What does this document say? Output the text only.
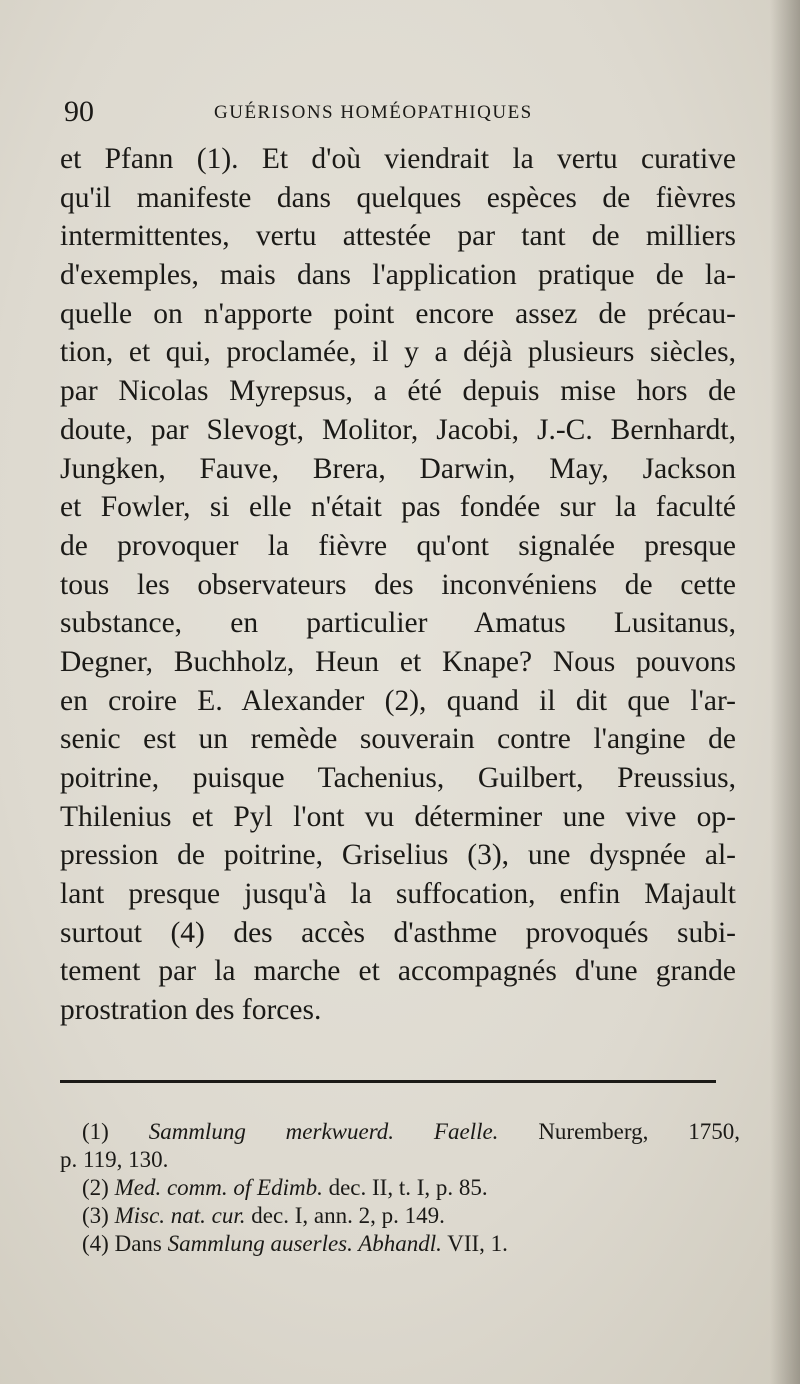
90	GUÉRISONS HOMÉOPATHIQUES
et Pfann (1). Et d'où viendrait la vertu curative
qu'il manifeste dans quelques espèces de fièvres
intermittentes, vertu attestée par tant de milliers
d'exemples, mais dans l'application pratique de la-
quelle on n'apporte point encore assez de précau-
tion, et qui, proclamée, il y a déjà plusieurs siècles,
par Nicolas Myrepsus, a été depuis mise hors de
doute, par Slevogt, Molitor, Jacobi, J.-C. Bernhardt,
Jungken, Fauve, Brera, Darwin, May, Jackson
et Fowler, si elle n'était pas fondée sur la faculté
de provoquer la fièvre qu'ont signalée presque
tous les observateurs des inconvéniens de cette
substance, en particulier Amatus Lusitanus,
Degner, Buchholz, Heun et Knape? Nous pouvons
en croire E. Alexander (2), quand il dit que l'ar-
senic est un remède souverain contre l'angine de
poitrine, puisque Tachenius, Guilbert, Preussius,
Thilenius et Pyl l'ont vu déterminer une vive op-
pression de poitrine, Griselius (3), une dyspnée al-
lant presque jusqu'à la suffocation, enfin Majault
surtout (4) des accès d'asthme provoqués subi-
tement par la marche et accompagnés d'une grande
prostration des forces.
(1) Sammlung merkwuerd. Faelle. Nuremberg, 1750,
p. 119, 130.
(2) Med. comm. of Edimb. dec. II, t. I, p. 85.
(3) Misc. nat. cur. dec. I, ann. 2, p. 149.
(4) Dans Sammlung auserles. Abhandl. VII, 1.
